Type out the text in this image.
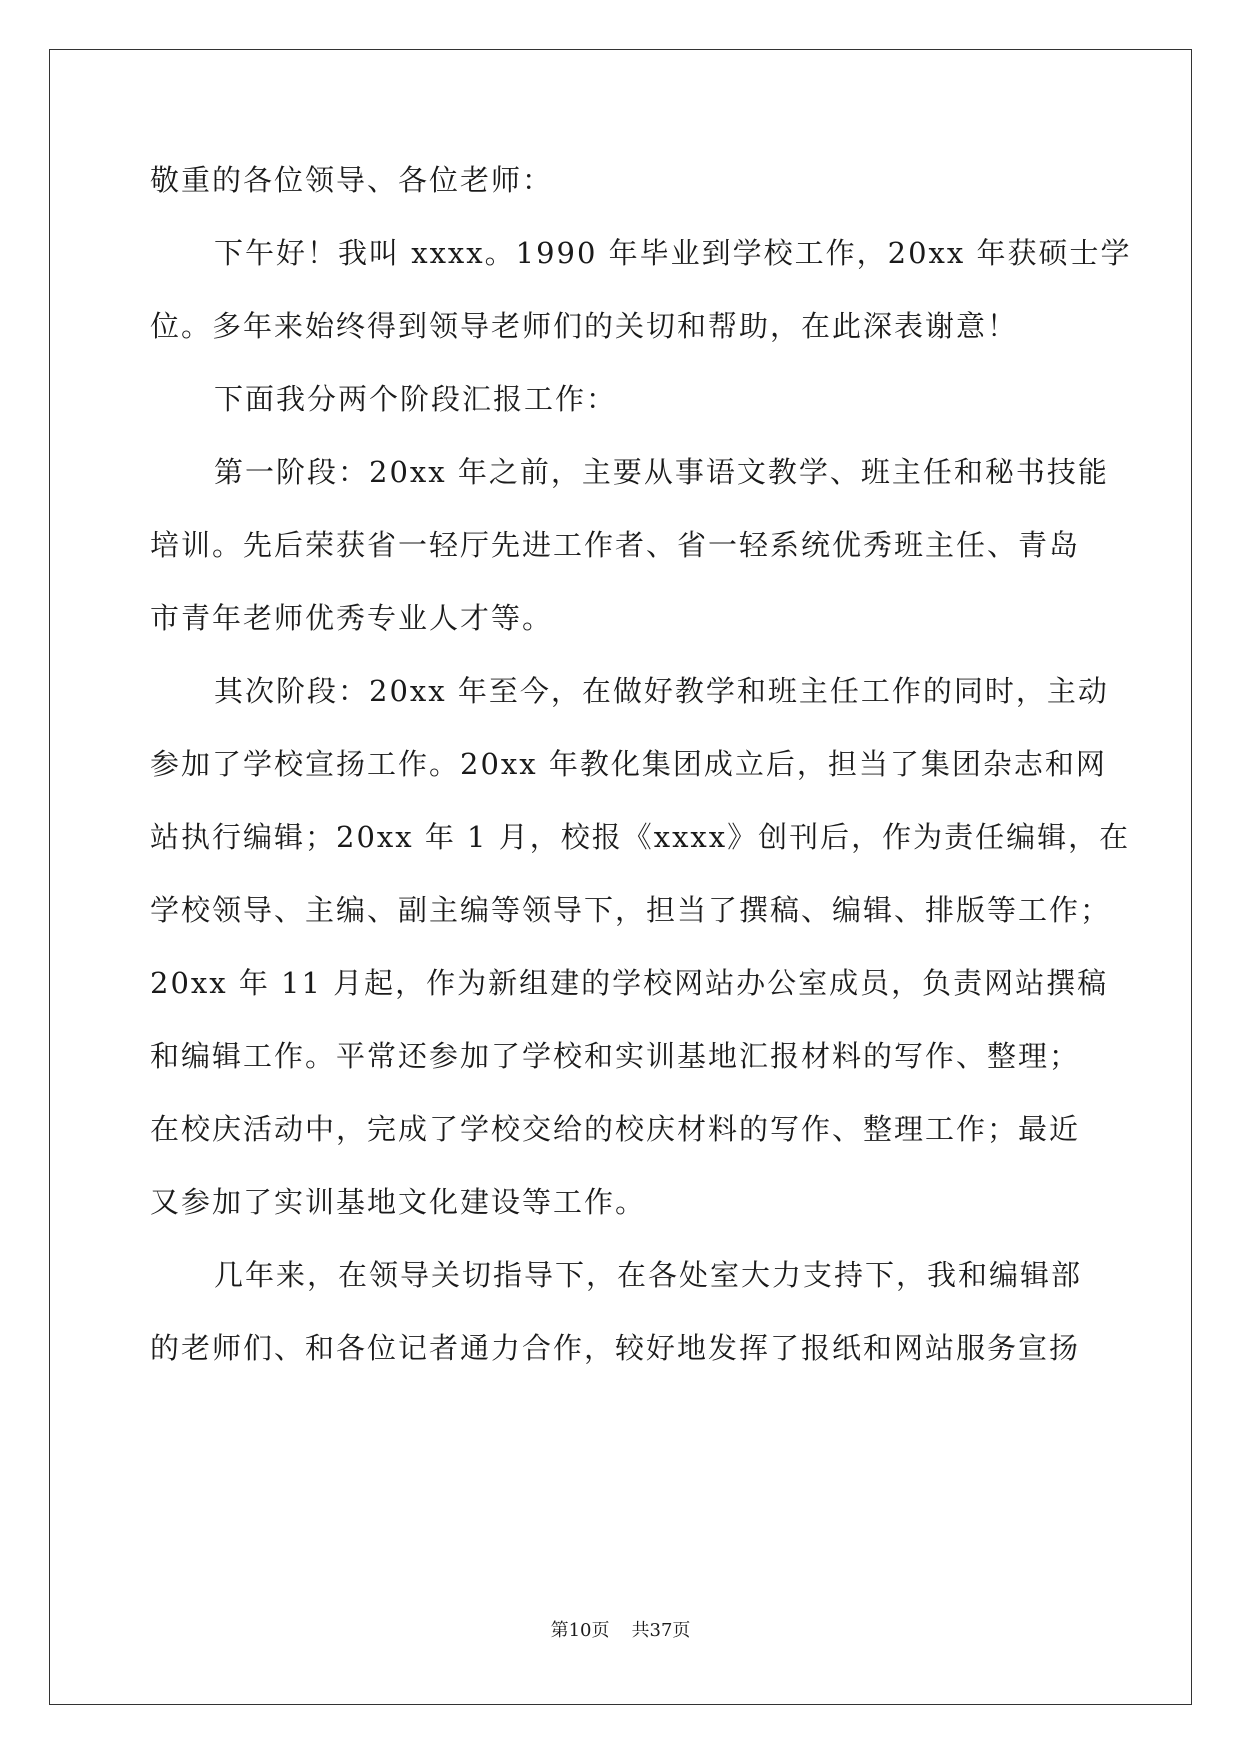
敬重的各位领导、各位老师：
下午好！我叫 xxxx。1990 年毕业到学校工作，20xx 年获硕士学
位。多年来始终得到领导老师们的关切和帮助，在此深表谢意！
下面我分两个阶段汇报工作：
第一阶段：20xx 年之前，主要从事语文教学、班主任和秘书技能
培训。先后荣获省一轻厅先进工作者、省一轻系统优秀班主任、青岛
市青年老师优秀专业人才等。
其次阶段：20xx 年至今，在做好教学和班主任工作的同时，主动
参加了学校宣扬工作。20xx 年教化集团成立后，担当了集团杂志和网
站执行编辑；20xx 年 1 月，校报《xxxx》创刊后，作为责任编辑，在
学校领导、主编、副主编等领导下，担当了撰稿、编辑、排版等工作；
20xx 年 11 月起，作为新组建的学校网站办公室成员，负责网站撰稿
和编辑工作。平常还参加了学校和实训基地汇报材料的写作、整理；
在校庆活动中，完成了学校交给的校庆材料的写作、整理工作；最近
又参加了实训基地文化建设等工作。
几年来，在领导关切指导下，在各处室大力支持下，我和编辑部
的老师们、和各位记者通力合作，较好地发挥了报纸和网站服务宣扬
第10页 共37页
